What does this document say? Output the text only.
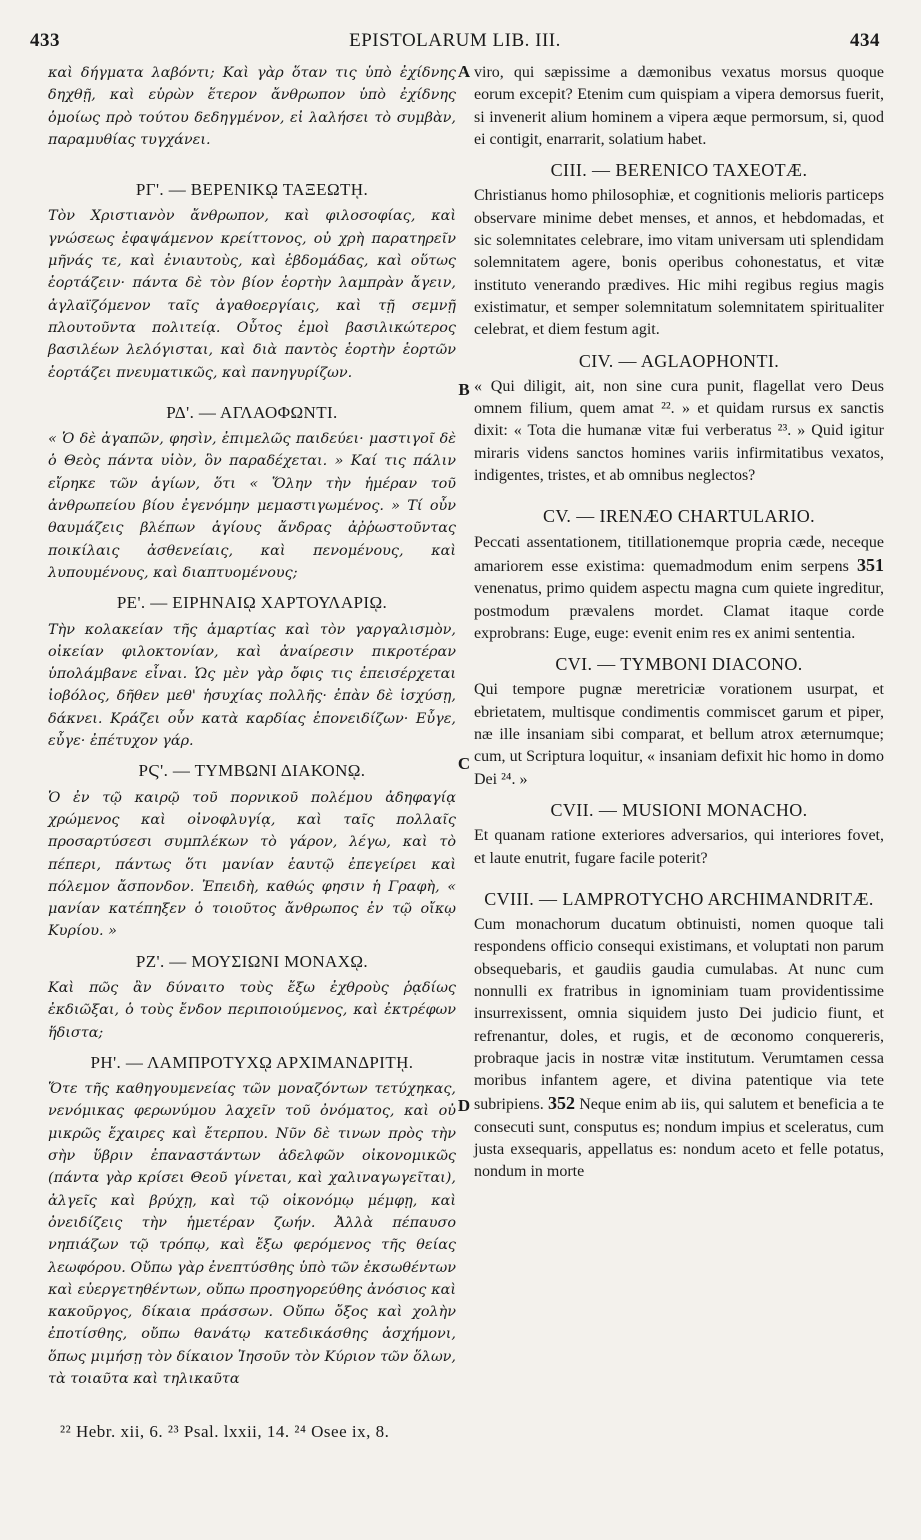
433	EPISTOLARUM LIB. III.	434
A
B
C
D

καὶ δήγματα λαβόντι; Καὶ γὰρ ὅταν τις ὑπὸ ἐχίδνης δηχθῇ, καὶ εὑρὼν ἕτερον ἄνθρωπον ὑπὸ ἐχίδνης ὁμοίως πρὸ τούτου δεδηγμένον, εἰ λαλήσει τὸ συμβὰν, παραμυθίας τυγχάνει.

ΡΓ'. — ΒΕΡΕΝΙΚῼ ΤΑΞΕΩΤῌ.

Τὸν Χριστιανὸν ἄνθρωπον, καὶ φιλοσοφίας, καὶ γνώσεως ἐφαψάμενον κρείττονος, οὐ χρὴ παρατηρεῖν μῆνάς τε, καὶ ἐνιαυτοὺς, καὶ ἑβδομάδας, καὶ οὕτως ἑορτάζειν· πάντα δὲ τὸν βίον ἑορτὴν λαμπρὰν ἄγειν, ἀγλαϊζόμενον ταῖς ἀγαθοεργίαις, καὶ τῇ σεμνῇ πλουτοῦντα πολιτείᾳ. Οὗτος ἐμοὶ βασιλικώτερος βασιλέων λελόγισται, καὶ διὰ παντὸς ἑορτὴν ἑορτῶν ἑορτάζει πνευματικῶς, καὶ πανηγυρίζων.

ΡΔ'. — ΑΓΛΑΟΦΩΝΤΙ.

« Ὁ δὲ ἀγαπῶν, φησὶν, ἐπιμελῶς παιδεύει· μαστιγοῖ δὲ ὁ Θεὸς πάντα υἱὸν, ὃν παραδέχεται. » Καί τις πάλιν εἴρηκε τῶν ἁγίων, ὅτι « Ὅλην τὴν ἡμέραν τοῦ ἀνθρωπείου βίου ἐγενόμην μεμαστιγωμένος. » Τί οὖν θαυμάζεις βλέπων ἁγίους ἄνδρας ἀῤῥωστοῦντας ποικίλαις ἀσθενείαις, καὶ πενομένους, καὶ λυπουμένους, καὶ διαπτυομένους;

ΡΕ'. — ΕΙΡΗΝΑΙῼ ΧΑΡΤΟΥΛΑΡΙῼ.

Τὴν κολακείαν τῆς ἁμαρτίας καὶ τὸν γαργαλισμὸν, οἰκείαν φιλοκτονίαν, καὶ ἀναίρεσιν πικροτέραν ὑπολάμβανε εἶναι. Ὡς μὲν γὰρ ὄφις τις ἐπεισέρχεται ἰοβόλος, δῆθεν μεθ' ἡσυχίας πολλῆς· ἐπὰν δὲ ἰσχύσῃ, δάκνει. Κράζει οὖν κατὰ καρδίας ἐπονειδίζων· Εὖγε, εὖγε· ἐπέτυχον γάρ.

ΡϚ'. — ΤΥΜΒΩΝΙ ΔΙΑΚΟΝῼ.

Ὁ ἐν τῷ καιρῷ τοῦ πορνικοῦ πολέμου ἀδηφαγίᾳ χρώμενος καὶ οἰνοφλυγίᾳ, καὶ ταῖς πολλαῖς προσαρτύσεσι συμπλέκων τὸ γάρον, λέγω, καὶ τὸ πέπερι, πάντως ὅτι μανίαν ἑαυτῷ ἐπεγείρει καὶ πόλεμον ἄσπονδον. Ἐπειδὴ, καθώς φησιν ἡ Γραφὴ, « μανίαν κατέπηξεν ὁ τοιοῦτος ἄνθρωπος ἐν τῷ οἴκῳ Κυρίου. »

ΡΖ'. — ΜΟΥΣΙΩΝΙ ΜΟΝΑΧῼ.

Καὶ πῶς ἂν δύναιτο τοὺς ἔξω ἐχθροὺς ῥᾳδίως ἐκδιῶξαι, ὁ τοὺς ἔνδον περιποιούμενος, καὶ ἐκτρέφων ἥδιστα;

ΡΗ'. — ΛΑΜΠΡΟΤΥΧῼ ΑΡΧΙΜΑΝΔΡΙΤῌ.

Ὅτε τῆς καθηγουμενείας τῶν μοναζόντων τετύχηκας, νενόμικας φερωνύμου λαχεῖν τοῦ ὀνόματος, καὶ οὐ μικρῶς ἔχαιρες καὶ ἔτερπου. Νῦν δὲ τινων πρὸς τὴν σὴν ὕβριν ἐπαναστάντων ἀδελφῶν οἰκονομικῶς (πάντα γὰρ κρίσει Θεοῦ γίνεται, καὶ χαλιναγωγεῖται), ἀλγεῖς καὶ βρύχῃ, καὶ τῷ οἰκονόμῳ μέμφῃ, καὶ ὀνειδίζεις τὴν ἡμετέραν ζωήν. Ἀλλὰ πέπαυσο νηπιάζων τῷ τρόπῳ, καὶ ἔξω φερόμενος τῆς θείας λεωφόρου. Οὔπω γὰρ ἐνεπτύσθης ὑπὸ τῶν ἐκσωθέντων καὶ εὐεργετηθέντων, οὔπω προσηγορεύθης ἀνόσιος καὶ κακοῦργος, δίκαια πράσσων. Οὔπω ὄξος καὶ χολὴν ἐποτίσθης, οὔπω θανάτῳ κατεδικάσθης ἀσχήμονι, ὅπως μιμήσῃ τὸν δίκαιον Ἰησοῦν τὸν Κύριον τῶν ὅλων, τὰ τοιαῦτα καὶ τηλικαῦτα

viro, qui sæpissime a dæmonibus vexatus morsus quoque eorum excepit? Etenim cum quispiam a vipera demorsus fuerit, si invenerit alium hominem a vipera æque permorsum, si, quod ei contigit, enarrarit, solatium habet.

CIII. — BERENICO TAXEOTÆ.

Christianus homo philosophiæ, et cognitionis melioris particeps observare minime debet menses, et annos, et hebdomadas, et sic solemnitates celebrare, imo vitam universam uti splendidam solemnitatem agere, bonis operibus cohonestatus, et vitæ instituto venerando prædives. Hic mihi regibus regius magis existimatur, et semper solemnitatum solemnitatem spiritualiter celebrat, et diem festum agit.

CIV. — AGLAOPHONTI.

« Qui diligit, ait, non sine cura punit, flagellat vero Deus omnem filium, quem amat ²². » et quidam rursus ex sanctis dixit: « Tota die humanæ vitæ fui verberatus ²³. » Quid igitur miraris videns sanctos homines variis infirmitatibus vexatos, indigentes, tristes, et ab omnibus neglectos?

CV. — IRENÆO CHARTULARIO.

Peccati assentationem, titillationemque propria cæde, neceque amariorem esse existima: quemadmodum enim serpens 351 venenatus, primo quidem aspectu magna cum quiete ingreditur, postmodum prævalens mordet. Clamat itaque corde exprobrans: Euge, euge: evenit enim res ex animi sententia.

CVI. — TYMBONI DIACONO.

Qui tempore pugnæ meretriciæ vorationem usurpat, et ebrietatem, multisque condimentis commiscet garum et piper, næ ille insaniam sibi comparat, et bellum atrox æternumque; cum, ut Scriptura loquitur, « insaniam defixit hic homo in domo Dei ²⁴. »

CVII. — MUSIONI MONACHO.

Et quanam ratione exteriores adversarios, qui interiores fovet, et laute enutrit, fugare facile poterit?

CVIII. — LAMPROTYCHO ARCHIMANDRITÆ.

Cum monachorum ducatum obtinuisti, nomen quoque tali respondens officio consequi existimans, et voluptati non parum obsequebaris, et gaudiis gaudia cumulabas. At nunc cum nonnulli ex fratribus in ignominiam tuam providentissime insurrexissent, omnia siquidem justo Dei judicio fiunt, et refrenantur, doles, et rugis, et de œconomo conquereris, probraque jacis in nostræ vitæ institutum. Verumtamen cessa moribus infantem agere, et divina patentique via tete subripiens. 352 Neque enim ab iis, qui salutem et beneficia a te consecuti sunt, consputus es; nondum impius et sceleratus, cum justa exsequaris, appellatus es: nondum aceto et felle potatus, nondum in morte

²² Hebr. xii, 6. ²³ Psal. lxxii, 14. ²⁴ Osee ix, 8.
